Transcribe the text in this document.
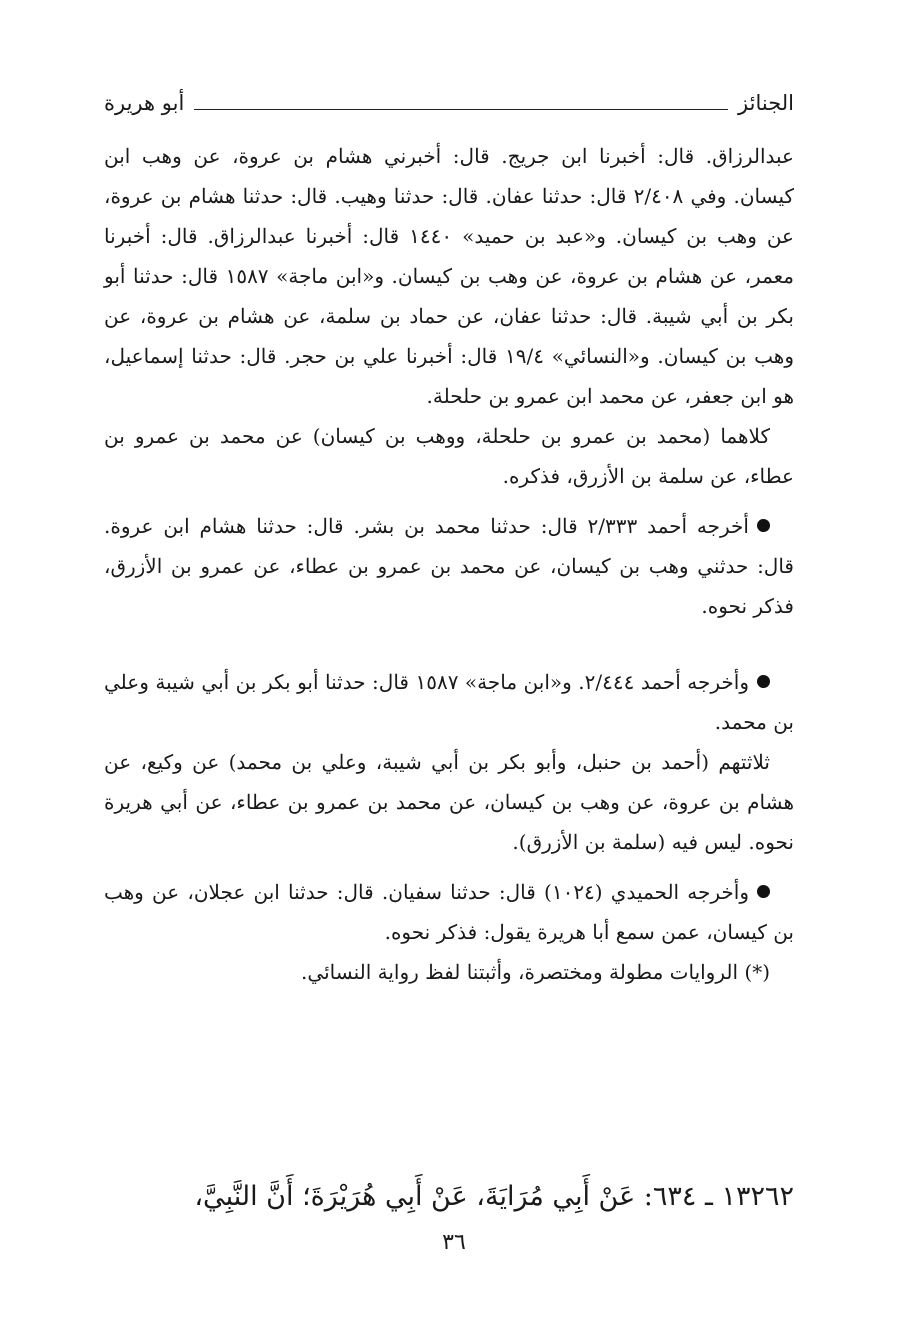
الجنائز
أبو هريرة

عبدالرزاق. قال: أخبرنا ابن جريج. قال: أخبرني هشام بن عروة، عن وهب ابن كيسان. وفي ٢/٤٠٨ قال: حدثنا عفان. قال: حدثنا وهيب. قال: حدثنا هشام بن عروة، عن وهب بن كيسان. و«عبد بن حميد» ١٤٤٠ قال: أخبرنا عبدالرزاق. قال: أخبرنا معمر، عن هشام بن عروة، عن وهب بن كيسان. و«ابن ماجة» ١٥٨٧ قال: حدثنا أبو بكر بن أبي شيبة. قال: حدثنا عفان، عن حماد بن سلمة، عن هشام بن عروة، عن وهب بن كيسان. و«النسائي» ١٩/٤ قال: أخبرنا علي بن حجر. قال: حدثنا إسماعيل، هو ابن جعفر، عن محمد ابن عمرو بن حلحلة.

كلاهما (محمد بن عمرو بن حلحلة، ووهب بن كيسان) عن محمد بن عمرو بن عطاء، عن سلمة بن الأزرق، فذكره.

أخرجه أحمد ٢/٣٣٣ قال: حدثنا محمد بن بشر. قال: حدثنا هشام ابن عروة. قال: حدثني وهب بن كيسان، عن محمد بن عمرو بن عطاء، عن عمرو بن الأزرق، فذكر نحوه.

وأخرجه أحمد ٢/٤٤٤. و«ابن ماجة» ١٥٨٧ قال: حدثنا أبو بكر بن أبي شيبة وعلي بن محمد.

ثلاثتهم (أحمد بن حنبل، وأبو بكر بن أبي شيبة، وعلي بن محمد) عن وكيع، عن هشام بن عروة، عن وهب بن كيسان، عن محمد بن عمرو بن عطاء، عن أبي هريرة نحوه. ليس فيه (سلمة بن الأزرق).

وأخرجه الحميدي (١٠٢٤) قال: حدثنا سفيان. قال: حدثنا ابن عجلان، عن وهب بن كيسان، عمن سمع أبا هريرة يقول: فذكر نحوه.

(*) الروايات مطولة ومختصرة، وأثبتنا لفظ رواية النسائي.

١٣٢٦٢ ـ ٦٣٤: عَنْ أَبِي مُرَايَةَ، عَنْ أَبِي هُرَيْرَةَ؛ أَنَّ النَّبِيَّ،
٣٦
